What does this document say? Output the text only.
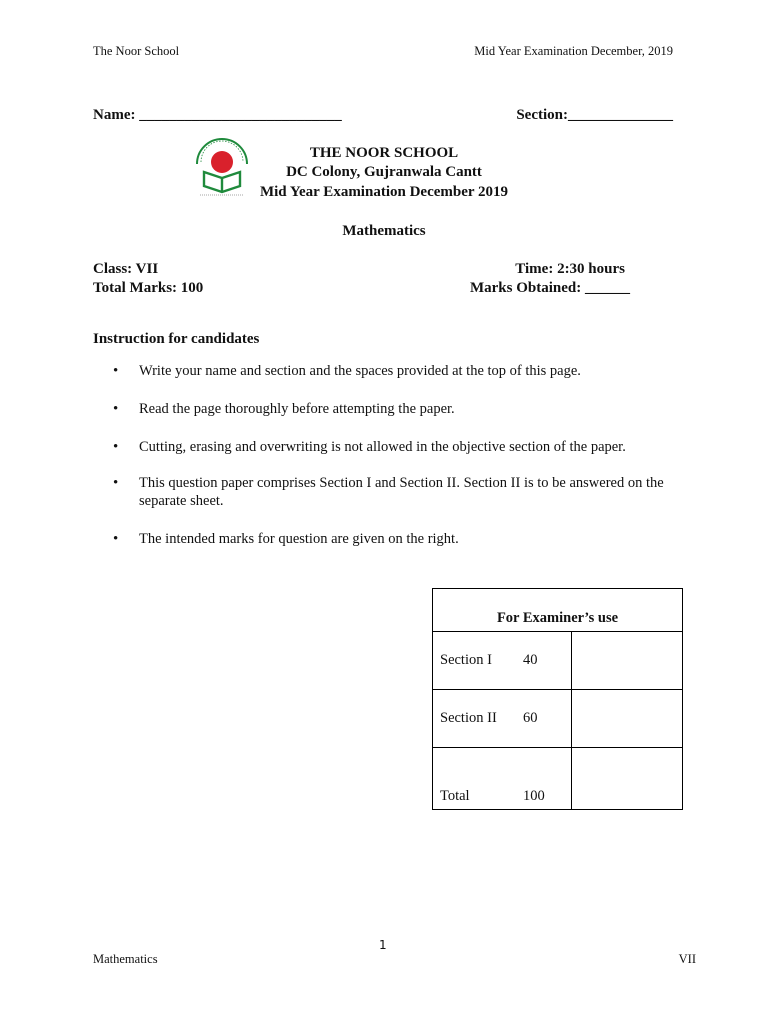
The Noor School	Mid Year Examination December, 2019
Name: ___________________________	Section:______________
THE NOOR SCHOOL
DC Colony, Gujranwala Cantt
Mid Year Examination December 2019
Mathematics
Class: VII	Time: 2:30 hours
Total Marks: 100	Marks Obtained: ______
Instruction for candidates
• Write your name and section and the spaces provided at the top of this page.
• Read the page thoroughly before attempting the paper.
• Cutting, erasing and overwriting is not allowed in the objective section of the paper.
• This question paper comprises Section I and Section II. Section II is to be answered on the separate sheet.
• The intended marks for question are given on the right.
For Examiner’s use	

Section I 40	

Section II 60	

Total 100	

1
Mathematics	VII
